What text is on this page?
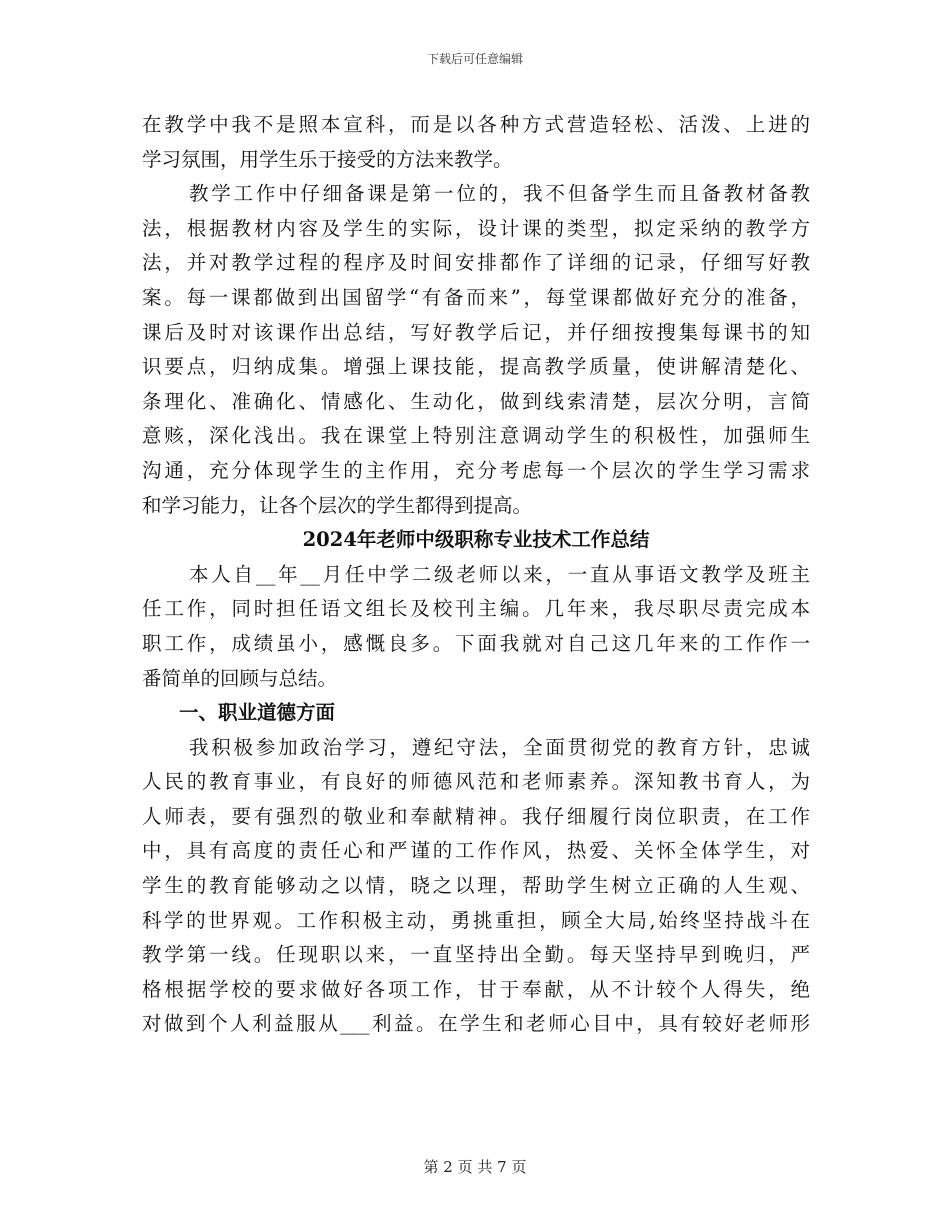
下载后可任意编辑
在教学中我不是照本宣科，而是以各种方式营造轻松、活泼、上进的
学习氛围，用学生乐于接受的方法来教学。
教学工作中仔细备课是第一位的，我不但备学生而且备教材备教
法，根据教材内容及学生的实际，设计课的类型，拟定采纳的教学方
法，并对教学过程的程序及时间安排都作了详细的记录，仔细写好教
案。每一课都做到出国留学“有备而来”，每堂课都做好充分的准备，
课后及时对该课作出总结，写好教学后记，并仔细按搜集每课书的知
识要点，归纳成集。增强上课技能，提高教学质量，使讲解清楚化、
条理化、准确化、情感化、生动化，做到线索清楚，层次分明，言简
意赅，深化浅出。我在课堂上特别注意调动学生的积极性，加强师生
沟通，充分体现学生的主作用，充分考虑每一个层次的学生学习需求
和学习能力，让各个层次的学生都得到提高。
2024年老师中级职称专业技术工作总结
本人自__年__月任中学二级老师以来，一直从事语文教学及班主
任工作，同时担任语文组长及校刊主编。几年来，我尽职尽责完成本
职工作，成绩虽小，感慨良多。下面我就对自己这几年来的工作作一
番简单的回顾与总结。
一、职业道德方面
我积极参加政治学习，遵纪守法，全面贯彻党的教育方针，忠诚
人民的教育事业，有良好的师德风范和老师素养。深知教书育人，为
人师表，要有强烈的敬业和奉献精神。我仔细履行岗位职责，在工作
中，具有高度的责任心和严谨的工作作风，热爱、关怀全体学生，对
学生的教育能够动之以情，晓之以理，帮助学生树立正确的人生观、
科学的世界观。工作积极主动，勇挑重担，顾全大局,始终坚持战斗在
教学第一线。任现职以来，一直坚持出全勤。每天坚持早到晚归，严
格根据学校的要求做好各项工作，甘于奉献，从不计较个人得失，绝
对做到个人利益服从___利益。在学生和老师心目中，具有较好老师形
第 2 页 共 7 页
